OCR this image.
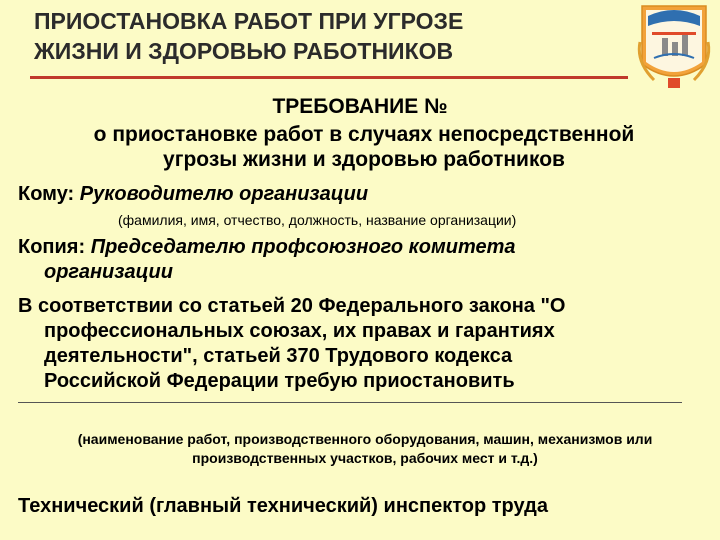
ПРИОСТАНОВКА РАБОТ ПРИ УГРОЗЕ
ЖИЗНИ И ЗДОРОВЬЮ РАБОТНИКОВ
ТРЕБОВАНИЕ №
о приостановке работ в случаях непосредственной
угрозы жизни и здоровью работников
Кому: Руководителю организации
(фамилия, имя, отчество, должность, название организации)
Копия: Председателю профсоюзного комитета
организации
В соответствии со статьей 20 Федерального закона "О
профессиональных союзах, их правах и гарантиях
деятельности", статьей 370 Трудового кодекса
Российской Федерации требую приостановить
(наименование работ, производственного оборудования, машин, механизмов или
производственных участков, рабочих мест и т.д.)
Технический (главный технический) инспектор труда
